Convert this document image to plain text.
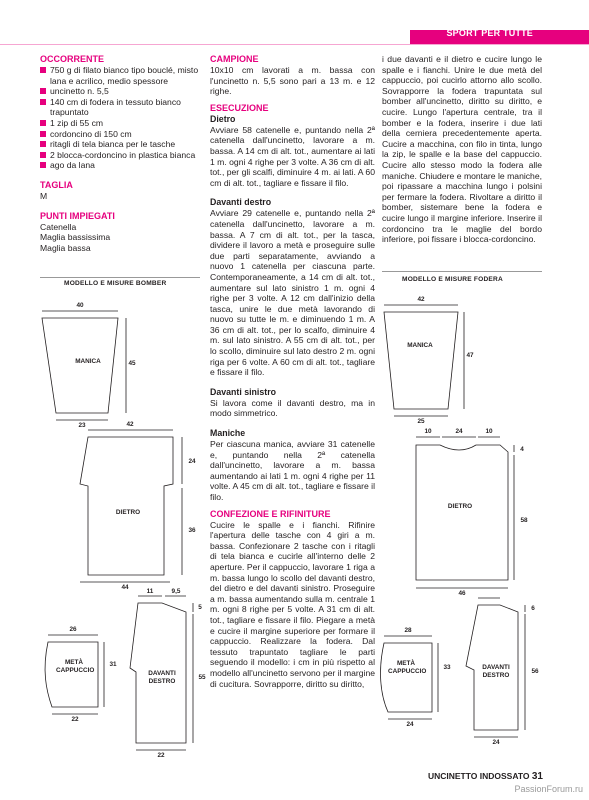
SPORT PER TUTTE
OCCORRENTE
750 g di filato bianco tipo bouclé, misto lana e acrilico, medio spessore
uncinetto n. 5,5
140 cm di fodera in tessuto bianco trapuntato
1 zip di 55 cm
cordoncino di 150 cm
ritagli di tela bianca per le tasche
2 blocca-cordoncino in plastica bianca
ago da lana
TAGLIA

M

PUNTI IMPIEGATI

Catenella

Maglia bassissima

Maglia bassa

CAMPIONE

10x10 cm lavorati a m. bassa con l'uncinetto n. 5,5 sono pari a 13 m. e 12 righe.

ESECUZIONE
Dietro

Avviare 58 catenelle e, puntando nella 2ª catenella dall'uncinetto, lavorare a m. bassa. A 14 cm di alt. tot., aumentare ai lati 1 m. ogni 4 righe per 3 volte. A 36 cm di alt. tot., per gli scalfi, diminuire 4 m. ai lati. A 60 cm di alt. tot., tagliare e fissare il filo.

Davanti destro

Avviare 29 catenelle e, puntando nella 2ª catenella dall'uncinetto, lavorare a m. bassa. A 7 cm di alt. tot., per la tasca, dividere il lavoro a metà e proseguire sulle due parti separatamente, avviando a nuovo 1 catenella per ciascuna parte. Contemporaneamente, a 14 cm di alt. tot., aumentare sul lato sinistro 1 m. ogni 4 righe per 3 volte. A 12 cm dall'inizio della tasca, unire le due metà lavorando di nuovo su tutte le m. e diminuendo 1 m. A 36 cm di alt. tot., per lo scalfo, diminuire 4 m. sul lato sinistro. A 55 cm di alt. tot., per lo scollo, diminuire sul lato destro 2 m. ogni riga per 6 volte. A 60 cm di alt. tot., tagliare e fissare il filo.

Davanti sinistro

Si lavora come il davanti destro, ma in modo simmetrico.

Maniche

Per ciascuna manica, avviare 31 catenelle e, puntando nella 2ª catenella dall'uncinetto, lavorare a m. bassa aumentando ai lati 1 m. ogni 4 righe per 11 volte. A 45 cm di alt. tot., tagliare e fissare il filo.

CONFEZIONE E RIFINITURE

Cucire le spalle e i fianchi. Rifinire l'apertura delle tasche con 4 giri a m. bassa. Confezionare 2 tasche con i ritagli di tela bianca e cucirle all'interno delle 2 aperture. Per il cappuccio, lavorare 1 riga a m. bassa lungo lo scollo del davanti destro, del dietro e del davanti sinistro. Proseguire a m. bassa aumentando sulla m. centrale 1 m. ogni 8 righe per 5 volte. A 31 cm di alt. tot., tagliare e fissare il filo. Piegare a metà e cucire il margine superiore per formare il cappuccio. Realizzare la fodera. Dal tessuto trapuntato tagliare le parti seguendo il modello: i cm in più rispetto al modello all'uncinetto servono per il margine di cucitura. Sovrapporre, diritto su diritto,

i due davanti e il dietro e cucire lungo le spalle e i fianchi. Unire le due metà del cappuccio, poi cucirlo attorno allo scollo. Sovrapporre la fodera trapuntata sul bomber all'uncinetto, diritto su diritto, e cucire. Lungo l'apertura centrale, tra il bomber e la fodera, inserire i due lati della cerniera precedentemente aperta. Cucire a macchina, con filo in tinta, lungo la zip, le spalle e la base del cappuccio. Cucire allo stesso modo la fodera alle maniche. Chiudere e montare le maniche, poi ripassare a macchina lungo i polsini per fermare la fodera. Rivoltare a diritto il bomber, sistemare bene la fodera e cucire lungo il margine inferiore. Inserire il cordoncino tra le maglie del bordo inferiore, poi fissare i blocca-cordoncino.

MODELLO E MISURE BOMBER
MODELLO E MISURE FODERA
MANICA
40
45
23
DIETRO
42
24
36
44
METÀ CAPPUCCIO
26
31
22
DAVANTI DESTRO
11	9,5
5
55
22
MANICA
42
47
25
DIETRO
10	24	10
4
58
46
METÀ CAPPUCCIO
28
33
24
DAVANTI DESTRO
6
56
24
UNCINETTO INDOSSATO 31
PassionForum.ru
